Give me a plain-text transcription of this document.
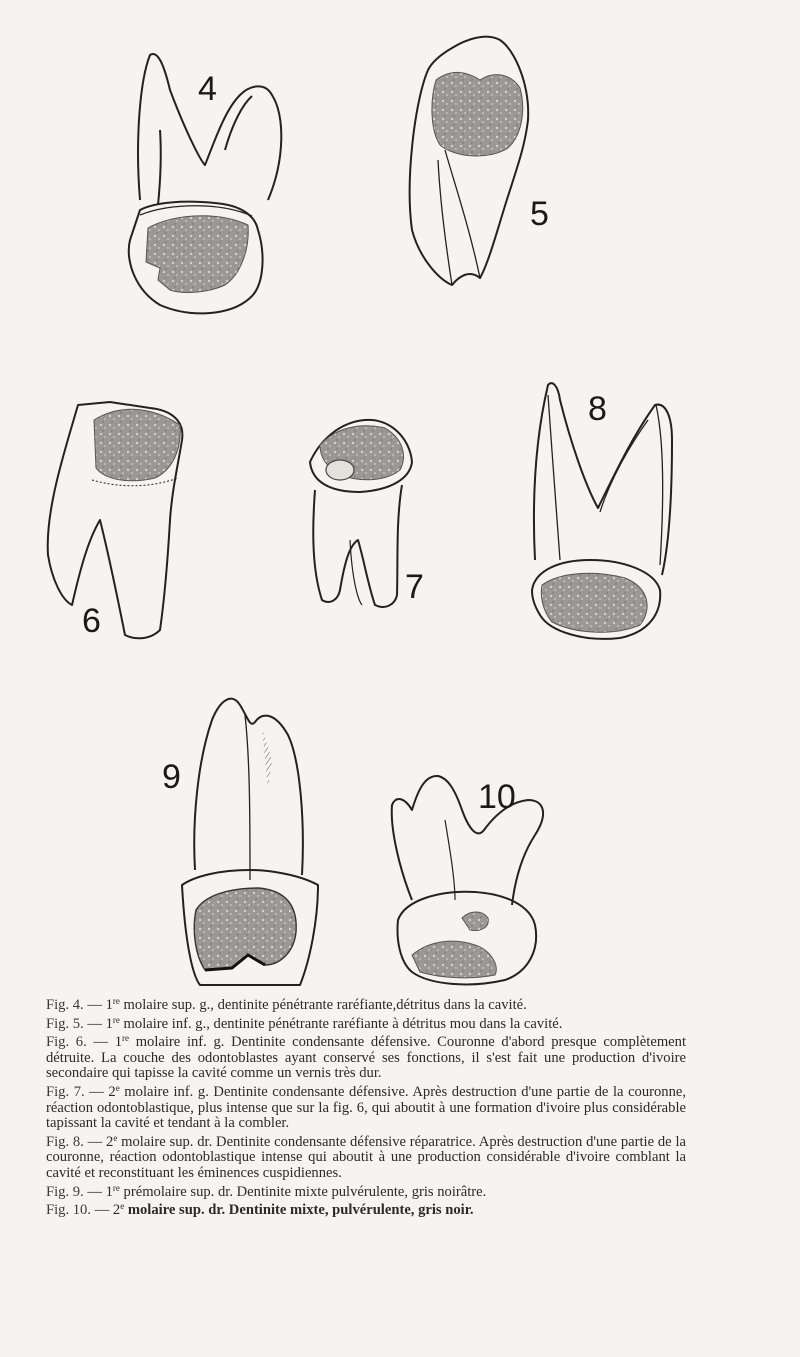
4
5
6
7
8
9
10

Fig. 4. — 1re molaire sup. g., dentinite pénétrante raréfiante,détritus dans la cavité.

Fig. 5. — 1re molaire inf. g., dentinite pénétrante raréfiante à détritus mou dans la cavité.

Fig. 6. — 1re molaire inf. g. Dentinite condensante défensive. Couronne d'abord presque complètement détruite. La couche des odontoblastes ayant conservé ses fonctions, il s'est fait une production d'ivoire secondaire qui tapisse la cavité comme un vernis très dur.

Fig. 7. — 2e molaire inf. g. Dentinite condensante défensive. Après destruction d'une partie de la couronne, réaction odontoblastique, plus intense que sur la fig. 6, qui aboutit à une formation d'ivoire plus considérable tapissant la cavité et tendant à la combler.

Fig. 8. — 2e molaire sup. dr. Dentinite condensante défensive réparatrice. Après destruction d'une partie de la couronne, réaction odontoblastique intense qui aboutit à une production considérable d'ivoire comblant la cavité et reconstituant les éminences cuspidiennes.

Fig. 9. — 1re prémolaire sup. dr. Dentinite mixte pulvérulente, gris noirâtre.

Fig. 10. — 2e molaire sup. dr. Dentinite mixte, pulvérulente, gris noir.
